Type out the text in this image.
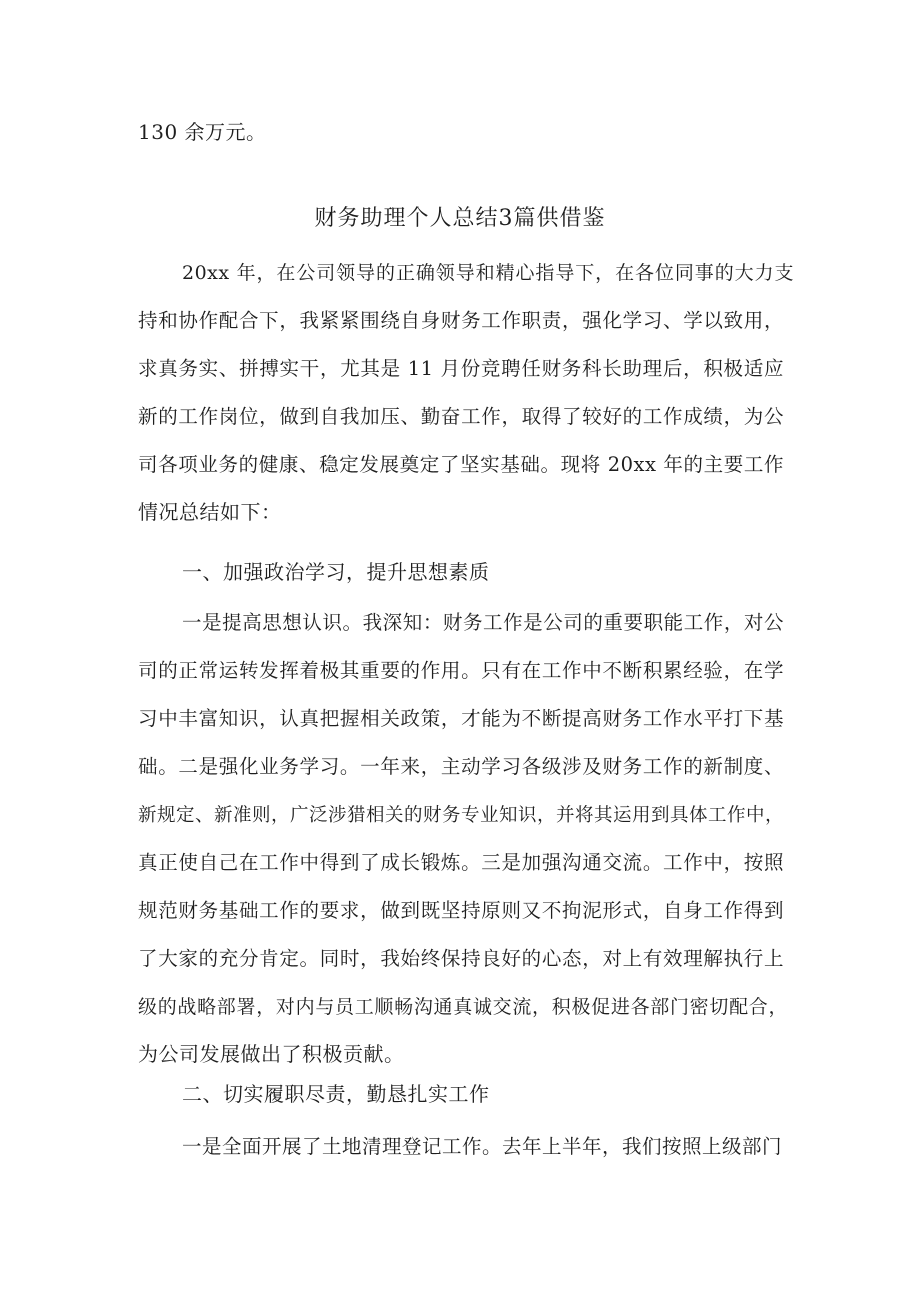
130 余万元。
财务助理个人总结3篇供借鉴
20xx 年，在公司领导的正确领导和精心指导下，在各位同事的大力支
持和协作配合下，我紧紧围绕自身财务工作职责，强化学习、学以致用，
求真务实、拼搏实干，尤其是 11 月份竞聘任财务科长助理后，积极适应
新的工作岗位，做到自我加压、勤奋工作，取得了较好的工作成绩，为公
司各项业务的健康、稳定发展奠定了坚实基础。现将 20xx 年的主要工作
情况总结如下：
一、加强政治学习，提升思想素质
一是提高思想认识。我深知：财务工作是公司的重要职能工作，对公
司的正常运转发挥着极其重要的作用。只有在工作中不断积累经验，在学
习中丰富知识，认真把握相关政策，才能为不断提高财务工作水平打下基
础。二是强化业务学习。一年来，主动学习各级涉及财务工作的新制度、
新规定、新准则，广泛涉猎相关的财务专业知识，并将其运用到具体工作中，
真正使自己在工作中得到了成长锻炼。三是加强沟通交流。工作中，按照
规范财务基础工作的要求，做到既坚持原则又不拘泥形式，自身工作得到
了大家的充分肯定。同时，我始终保持良好的心态，对上有效理解执行上
级的战略部署，对内与员工顺畅沟通真诚交流，积极促进各部门密切配合，
为公司发展做出了积极贡献。
二、切实履职尽责，勤恳扎实工作
一是全面开展了土地清理登记工作。去年上半年，我们按照上级部门
